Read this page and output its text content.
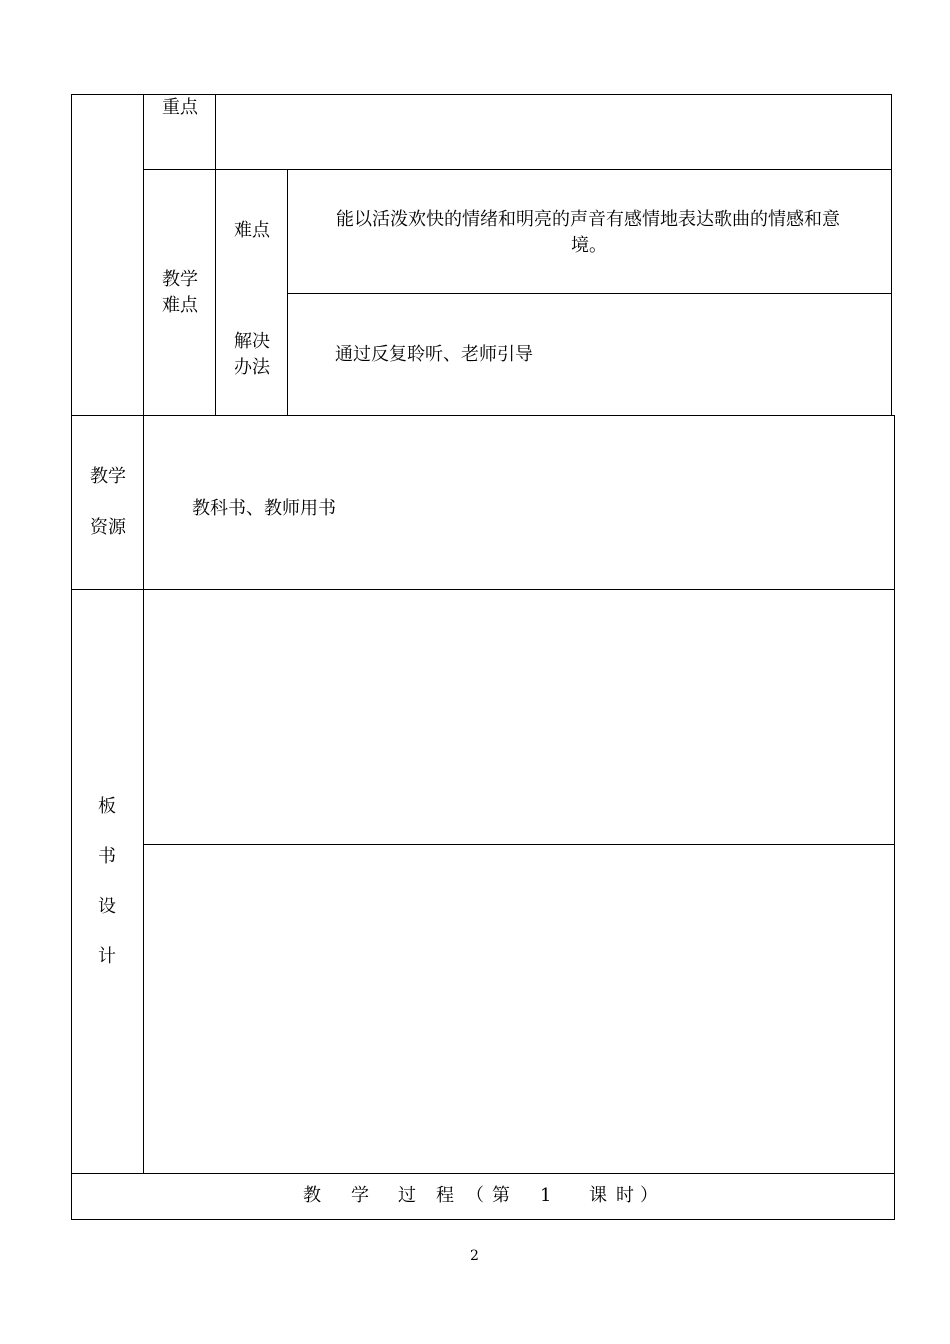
重点
教学
难点
难点
能以活泼欢快的情绪和明亮的声音有感情地表达歌曲的情感和意
境。
解决
办法
通过反复聆听、老师引导
教学
资源
教科书、教师用书
板
书
设
计
教 学 过 程 （ 第 1 课 时 ）
2
